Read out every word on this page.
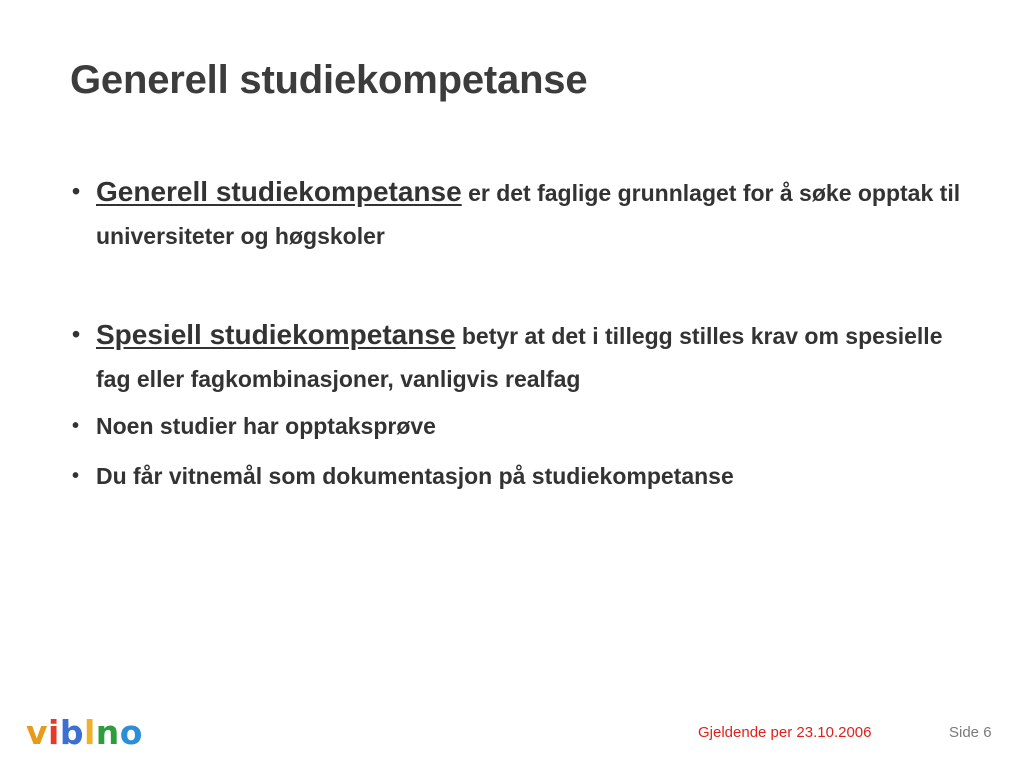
Generell studiekompetanse
• Generell studiekompetanse er det faglige grunnlaget for å søke opptak til universiteter og høgskoler
• Spesiell studiekompetanse betyr at det i tillegg stilles krav om spesielle fag eller fagkombinasjoner, vanligvis realfag
• Noen studier har opptaksprøve
• Du får vitnemål som dokumentasjon på studiekompetanse
viblno	Gjeldende per 23.10.2006	Side 6
